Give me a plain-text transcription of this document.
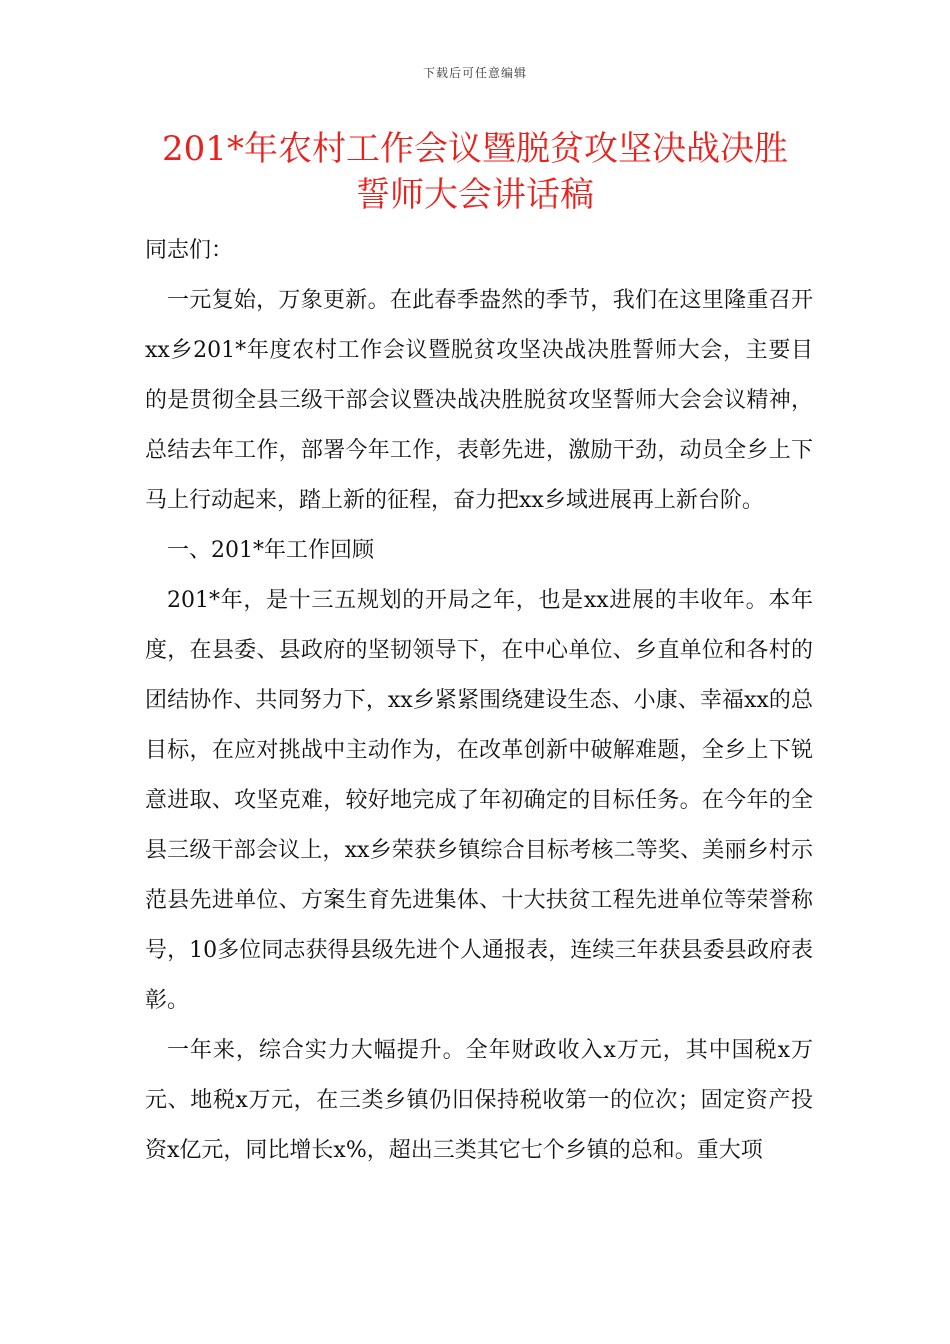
下载后可任意编辑
201*年农村工作会议暨脱贫攻坚决战决胜
誓师大会讲话稿

同志们：

一元复始，万象更新。在此春季盎然的季节，我们在这里隆重召开xx乡201*年度农村工作会议暨脱贫攻坚决战决胜誓师大会，主要目的是贯彻全县三级干部会议暨决战决胜脱贫攻坚誓师大会会议精神，总结去年工作，部署今年工作，表彰先进，激励干劲，动员全乡上下马上行动起来，踏上新的征程，奋力把xx乡域进展再上新台阶。

一、201*年工作回顾

201*年，是十三五规划的开局之年，也是xx进展的丰收年。本年度，在县委、县政府的坚韧领导下，在中心单位、乡直单位和各村的团结协作、共同努力下，xx乡紧紧围绕建设生态、小康、幸福xx的总目标，在应对挑战中主动作为，在改革创新中破解难题，全乡上下锐意进取、攻坚克难，较好地完成了年初确定的目标任务。在今年的全县三级干部会议上，xx乡荣获乡镇综合目标考核二等奖、美丽乡村示范县先进单位、方案生育先进集体、十大扶贫工程先进单位等荣誉称号，10多位同志获得县级先进个人通报表，连续三年获县委县政府表彰。

一年来，综合实力大幅提升。全年财政收入x万元，其中国税x万元、地税x万元，在三类乡镇仍旧保持税收第一的位次；固定资产投资x亿元，同比增长x%，超出三类其它七个乡镇的总和。重大项
